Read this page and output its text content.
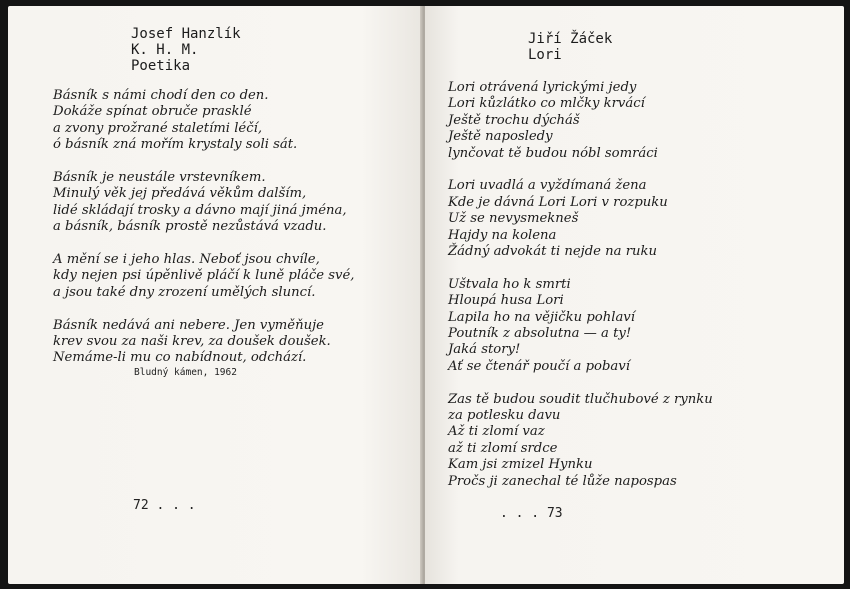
Josef Hanzlík
K. H. M.
Poetika
Básník s námi chodí den co den.
Dokáže spínat obruče prasklé
a zvony prožrané staletími léčí,
ó básník zná mořím krystaly soli sát.
Básník je neustále vrstevníkem.
Minulý věk jej předává věkům dalším,
lidé skládají trosky a dávno mají jiná jména,
a básník, básník prostě nezůstává vzadu.
A mění se i jeho hlas. Neboť jsou chvíle,
kdy nejen psi úpěnlivě pláčí k luně pláče své,
a jsou také dny zrození umělých sluncí.
Básník nedává ani nebere. Jen vyměňuje
krev svou za naši krev, za doušek doušek.
Nemáme-li mu co nabídnout, odchází.
Bludný kámen, 1962
72 . . .
Jiří Žáček
Lori
Lori otrávená lyrickými jedy
Lori kůzlátko co mlčky krvácí
Ještě trochu dýcháš
Ještě naposledy
lynčovat tě budou nóbl somráci
Lori uvadlá a vyždímaná žena
Kde je dávná Lori Lori v rozpuku
Už se nevysmekneš
Hajdy na kolena
Žádný advokát ti nejde na ruku
Uštvala ho k smrti
Hloupá husa Lori
Lapila ho na vějičku pohlaví
Poutník z absolutna — a ty!
Jaká story!
Ať se čtenář poučí a pobaví
Zas tě budou soudit tlučhubové z rynku
za potlesku davu
Až ti zlomí vaz
až ti zlomí srdce
Kam jsi zmizel Hynku
Pročs ji zanechal té lůže napospas
. . . 73
